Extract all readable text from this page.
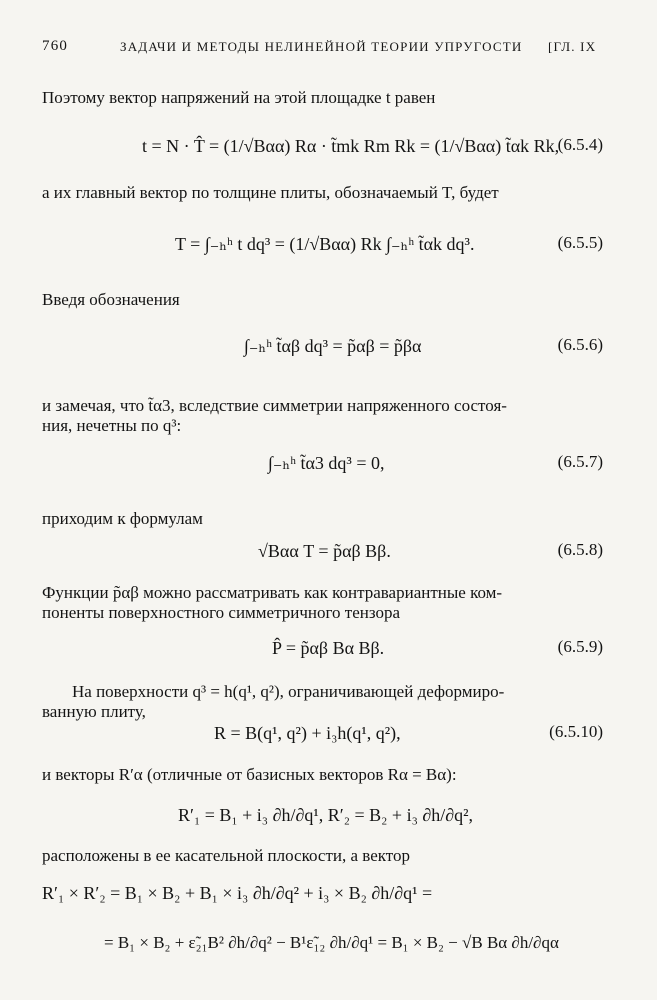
760	ЗАДАЧИ И МЕТОДЫ НЕЛИНЕЙНОЙ ТЕОРИИ УПРУГОСТИ [ГЛ. IX
Поэтому вектор напряжений на этой площадке t равен
t = N · T̂ = (1/√Bαα) Rα · t̃mk Rm Rk = (1/√Bαα) t̃αk Rk,
(6.5.4)
а их главный вектор по толщине плиты, обозначаемый T, будет
T = ∫₋ₕʰ t dq³ = (1/√Bαα) Rk ∫₋ₕʰ t̃αk dq³.	(6.5.5)
Введя обозначения
∫₋ₕʰ t̃αβ dq³ = p̃αβ = p̃βα	(6.5.6)
и замечая, что t̃α3, вследствие симметрии напряженного состоя-
ния, нечетны по q³:
∫₋ₕʰ t̃α3 dq³ = 0,	(6.5.7)
приходим к формулам
√Bαα T = p̃αβ Bβ.	(6.5.8)
Функции p̃αβ можно рассматривать как контравариантные ком-
поненты поверхностного симметричного тензора
P̂ = p̃αβ Bα Bβ.	(6.5.9)
На поверхности q³ = h(q¹, q²), ограничивающей деформиро-
ванную плиту,
R = B(q¹, q²) + i₃h(q¹, q²),	(6.5.10)
и векторы R′α (отличные от базисных векторов Rα = Bα):
R′₁ = B₁ + i₃ ∂h/∂q¹, R′₂ = B₂ + i₃ ∂h/∂q²,
расположены в ее касательной плоскости, а вектор
R′₁ × R′₂ = B₁ × B₂ + B₁ × i₃ ∂h/∂q² + i₃ × B₂ ∂h/∂q¹ =
= B₁ × B₂ + ε̃₂₁B² ∂h/∂q² − B¹ε̃₁₂ ∂h/∂q¹ = B₁ × B₂ − √B Bα ∂h/∂qα
